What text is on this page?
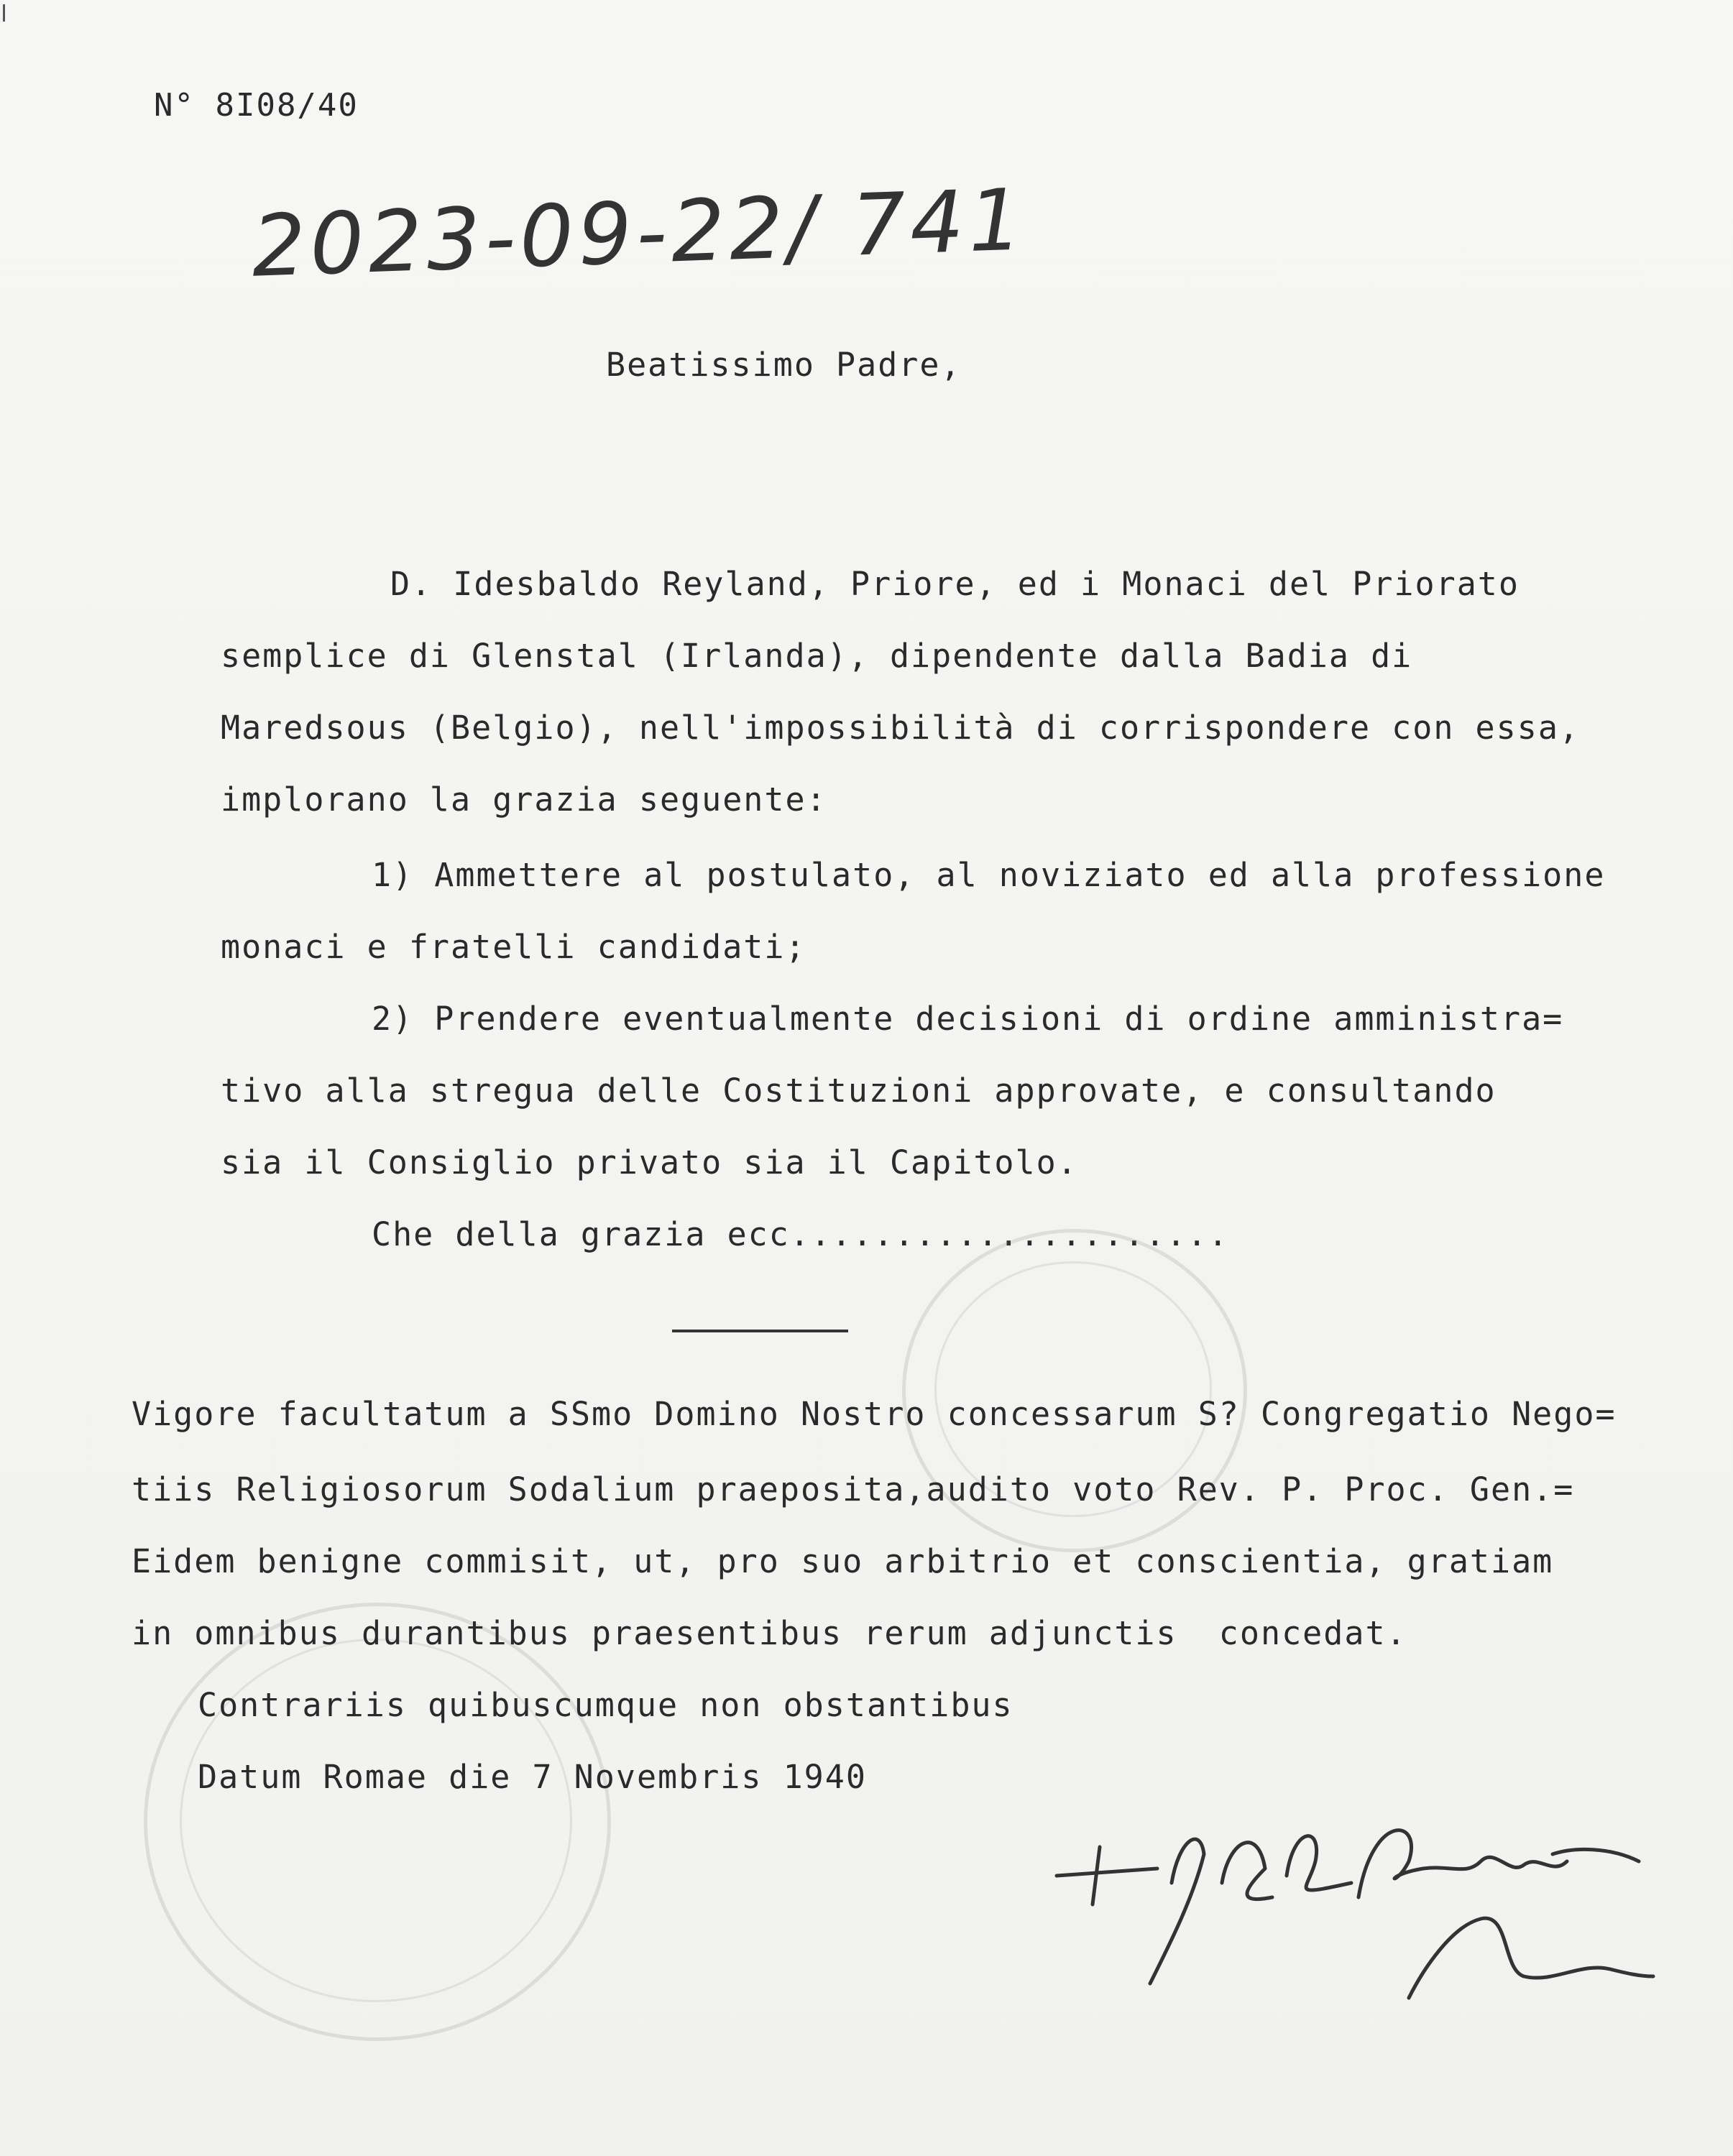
N° 8I08/40
2023-09-22/ 741
Beatissimo Padre,
D. Idesbaldo Reyland, Priore, ed i Monaci del Priorato
semplice di Glenstal (Irlanda), dipendente dalla Badia di
Maredsous (Belgio), nell'impossibilità di corrispondere con essa,
implorano la grazia seguente:
1) Ammettere al postulato, al noviziato ed alla professione
monaci e fratelli candidati;
2) Prendere eventualmente decisioni di ordine amministra=
tivo alla stregua delle Costituzioni approvate, e consultando
sia il Consiglio privato sia il Capitolo.
Che della grazia ecc.....................
Vigore facultatum a SSmo Domino Nostro concessarum S? Congregatio Nego=
tiis Religiosorum Sodalium praeposita,audito voto Rev. P. Proc. Gen.=
Eidem benigne commisit, ut, pro suo arbitrio et conscientia, gratiam
in omnibus durantibus praesentibus rerum adjunctis  concedat.
Contrariis quibuscumque non obstantibus
Datum Romae die 7 Novembris 1940
